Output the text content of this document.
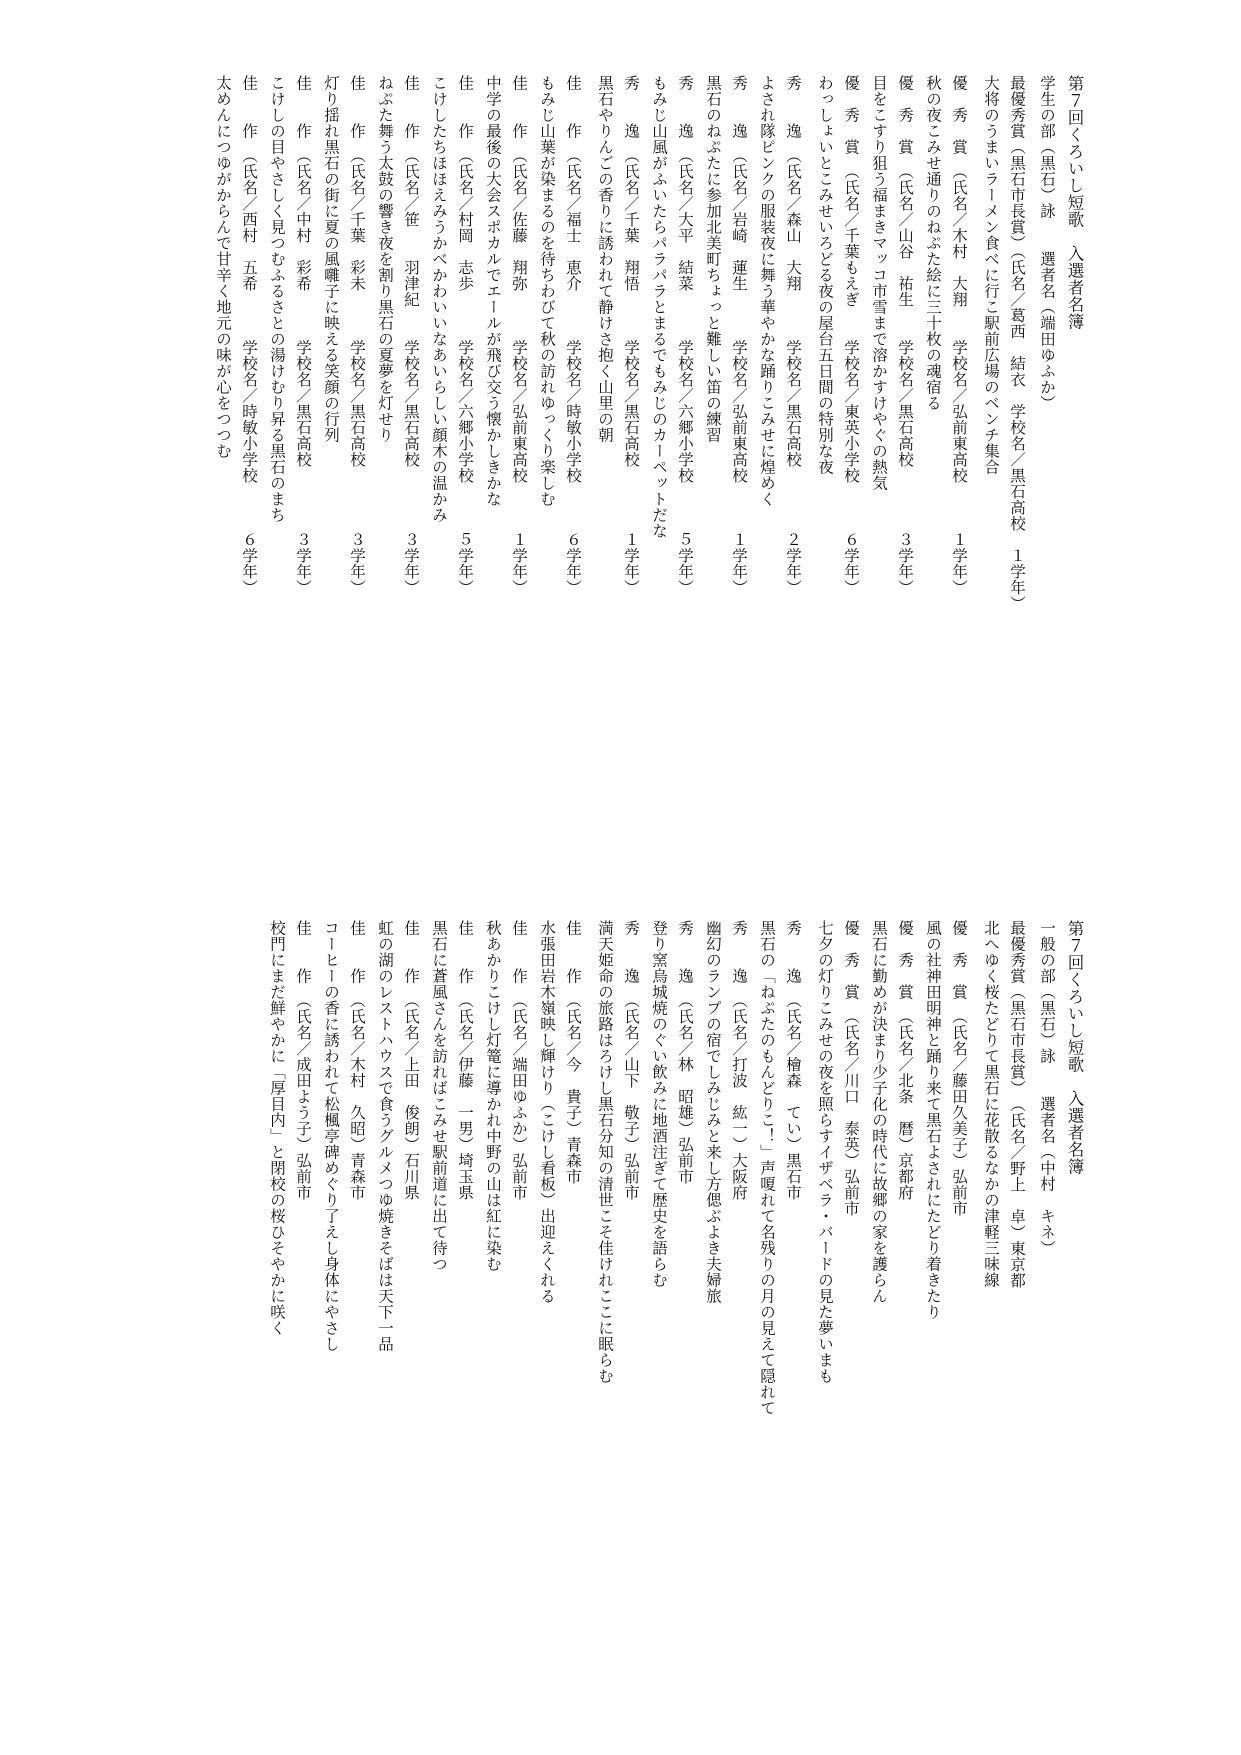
第７回くろいし短歌　入選者名簿
学生の部（黒石）詠　　選者名（端田ゆふか）
最優秀賞（黒石市長賞）（氏名／葛西　結衣　学校名／黒石高校　１学年）
大将のうまいラーメン食べに行こ駅前広場のベンチ集合
優　秀　賞　（氏名／木村　大翔　　学校名／弘前東高校　　　１学年）
秋の夜こみせ通りのねぷた絵に三十枚の魂宿る
優　秀　賞　（氏名／山谷　祐生　　学校名／黒石高校　　　　３学年）
目をこすり狙う福まきマッコ市雪まで溶かすけやぐの熱気
優　秀　賞　（氏名／千葉もえぎ　　学校名／東英小学校　　　６学年）
わっしょいとこみせいろどる夜の屋台五日間の特別な夜
秀　　逸　（氏名／森山　大翔　　　学校名／黒石高校　　　　２学年）
よされ隊ピンクの服装夜に舞う華やかな踊りこみせに煌めく
秀　　逸　（氏名／岩崎　蓮生　　　学校名／弘前東高校　　　１学年）
黒石のねぷたに参加北美町ちょっと難しい笛の練習
秀　　逸　（氏名／大平　結菜　　　学校名／六郷小学校　　　５学年）
もみじ山風がふいたらパラパラとまるでもみじのカーペットだな
秀　　逸　（氏名／千葉　翔悟　　　学校名／黒石高校　　　　１学年）
黒石やりんごの香りに誘われて静けさ抱く山里の朝
佳　　作　（氏名／福士　恵介　　　学校名／時敏小学校　　　６学年）
もみじ山葉が染まるのを待ちわびて秋の訪れゆっくり楽しむ
佳　　作　（氏名／佐藤　翔弥　　　学校名／弘前東高校　　　１学年）
中学の最後の大会スポカルでエールが飛び交う懐かしきかな
佳　　作　（氏名／村岡　志歩　　　学校名／六郷小学校　　　５学年）
こけしたちほほえみうかべかわいいなあいらしい顔木の温かみ
佳　　作　（氏名／笹　　羽津紀　　学校名／黒石高校　　　　３学年）
ねぷた舞う太鼓の響き夜を割り黒石の夏夢を灯せり
佳　　作　（氏名／千葉　彩未　　　学校名／黒石高校　　　　３学年）
灯り揺れ黒石の街に夏の風囃子に映える笑顔の行列
佳　　作　（氏名／中村　彩希　　　学校名／黒石高校　　　　３学年）
こけしの目やさしく見つむふるさとの湯けむり昇る黒石のまち
佳　　作　（氏名／西村　五希　　　学校名／時敏小学校　　　６学年）
太めんにつゆがからんで甘辛く地元の味が心をつつむ
第７回くろいし短歌　入選者名簿
一般の部（黒石）詠　　選者名（中村　キネ）
最優秀賞（黒石市長賞）　（氏名／野上　卓）東京都
北へゆく桜たどりて黒石に花散るなかの津軽三味線
優　秀　賞　（氏名／藤田久美子）弘前市
風の社神田明神と踊り来て黒石よされにたどり着きたり
優　秀　賞　（氏名／北条　暦）京都府
黒石に勤めが決まり少子化の時代に故郷の家を護らん
優　秀　賞　（氏名／川口　泰英）弘前市
七夕の灯りこみせの夜を照らすイザベラ・バードの見た夢いまも
秀　　逸　（氏名／檜森　てい）黒石市
黒石の「ねぷたのもんどりこ！」声嗄れて名残りの月の見えて隠れて
秀　　逸　（氏名／打波　紘一）大阪府
幽幻のランプの宿でしみじみと来し方偲ぶよき夫婦旅
秀　　逸　（氏名／林　昭雄）弘前市
登り窯烏城焼のぐい飲みに地酒注ぎて歴史を語らむ
秀　　逸　（氏名／山下　敬子）弘前市
満天姫命の旅路はろけし黒石分知の清世こそ佳けれここに眠らむ
佳　　作　（氏名／今　貴子）青森市
水張田岩木嶺映し輝けり（こけし看板）出迎えくれる
佳　　作　（氏名／端田ゆふか）弘前市
秋あかりこけし灯篭に導かれ中野の山は紅に染む
佳　　作　（氏名／伊藤　一男）埼玉県
黒石に蒼風さんを訪ればこみせ駅前道に出て待つ
佳　　作　（氏名／上田　俊朗）石川県
虹の湖のレストハウスで食うグルメつゆ焼きそばは天下一品
佳　　作　（氏名／木村　久昭）青森市
コーヒーの香に誘われて松楓亭碑めぐり了えし身体にやさし
佳　　作　（氏名／成田よう子）弘前市
校門にまだ鮮やかに「厚目内」と閉校の桜ひそやかに咲く
